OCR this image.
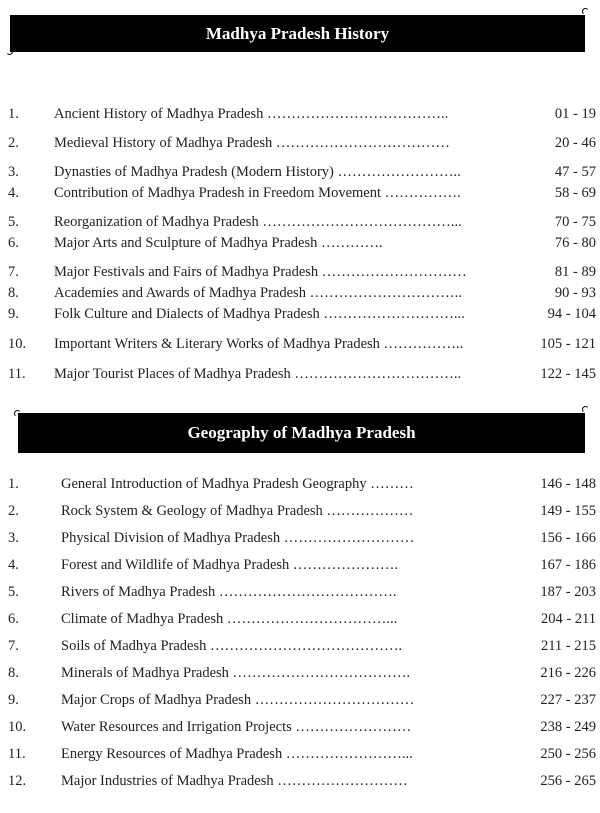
Madhya Pradesh History
1. Ancient History of Madhya Pradesh ………………………………..	01 - 19
2. Medieval History of Madhya Pradesh ………………………………	20 - 46
3. Dynasties of Madhya Pradesh (Modern History) ……………………..	47 - 57
4. Contribution of Madhya Pradesh in Freedom Movement …………….	58 - 69
5. Reorganization of Madhya Pradesh …………………………………...	70 - 75
6. Major Arts and Sculpture of Madhya Pradesh ………….	76 - 80
7. Major Festivals and Fairs of Madhya Pradesh …………………………	81 - 89
8. Academies and Awards of Madhya Pradesh …………………………..	90 - 93
9. Folk Culture and Dialects of Madhya Pradesh ………………………...	94 - 104
10. Important Writers & Literary Works of Madhya Pradesh ……………..	105 - 121
11. Major Tourist Places of Madhya Pradesh ……………………………..	122 - 145
Geography of Madhya Pradesh
1.	General Introduction of Madhya Pradesh Geography ………	146 - 148
2.	Rock System & Geology of Madhya Pradesh ………………	149 - 155
3.	Physical Division of Madhya Pradesh ………………………	156 - 166
4.	Forest and Wildlife of Madhya Pradesh ………………….	167 - 186
5.	Rivers of Madhya Pradesh ……………………………….	187 - 203
6.	Climate of Madhya Pradesh ……………………………...	204 - 211
7.	Soils of Madhya Pradesh ………………………………….	211 - 215
8.	Minerals of Madhya Pradesh ……………………………….	216 - 226
9.	Major Crops of Madhya Pradesh ……………………………	227 - 237
10. Water Resources and Irrigation Projects ……………………	238 - 249
11. Energy Resources of Madhya Pradesh ……………………...	250 - 256
12. Major Industries of Madhya Pradesh ………………………	256 - 265
